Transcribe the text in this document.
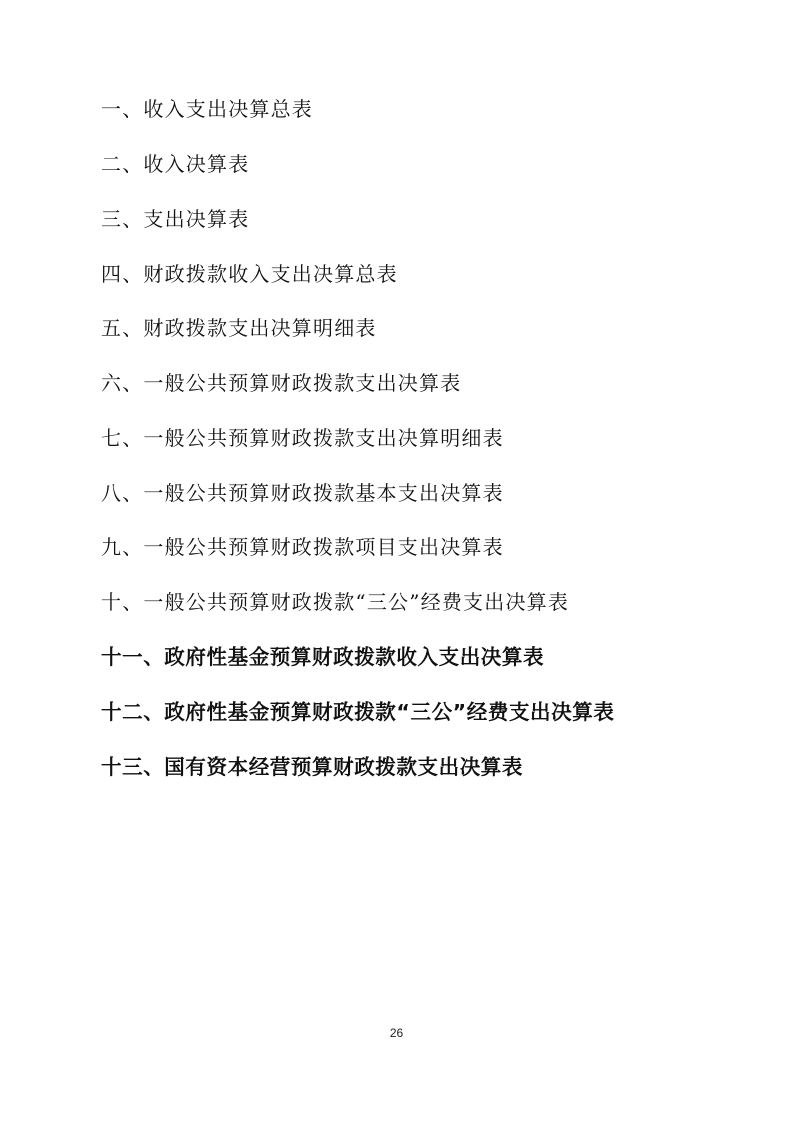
一、收入支出决算总表
二、收入决算表
三、支出决算表
四、财政拨款收入支出决算总表
五、财政拨款支出决算明细表
六、一般公共预算财政拨款支出决算表
七、一般公共预算财政拨款支出决算明细表
八、一般公共预算财政拨款基本支出决算表
九、一般公共预算财政拨款项目支出决算表
十、一般公共预算财政拨款“三公”经费支出决算表
十一、政府性基金预算财政拨款收入支出决算表
十二、政府性基金预算财政拨款“三公”经费支出决算表
十三、国有资本经营预算财政拨款支出决算表
26
